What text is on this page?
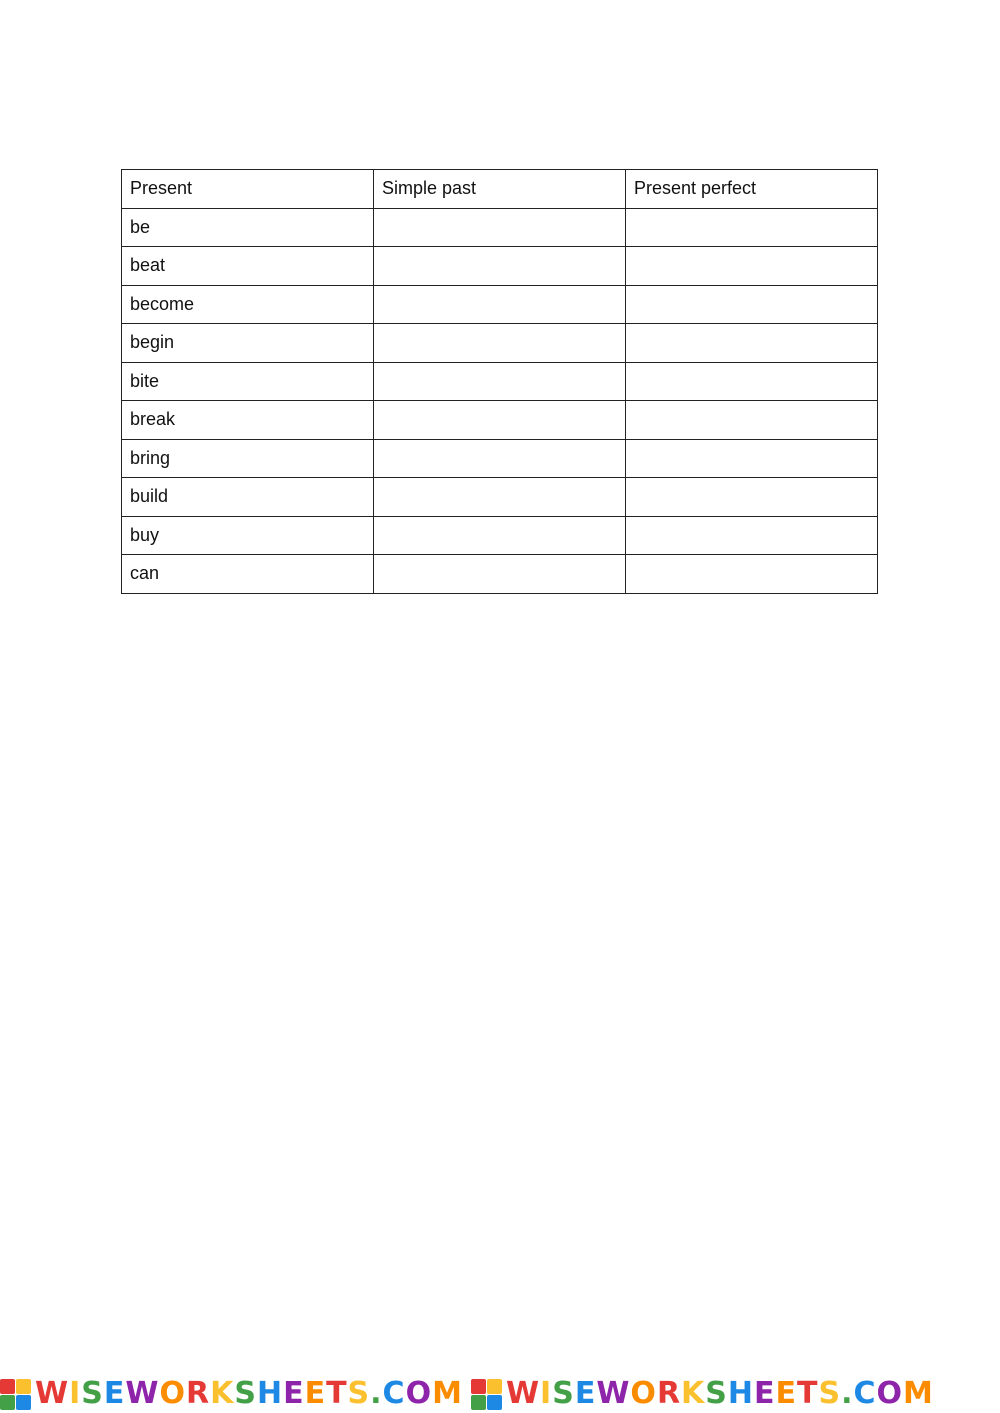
Present	Simple past	Present perfect
be		
beat		
become		
begin		
bite		
break		
bring		
build		
buy		
can		
WISEWORKSHEETS.COM WISEWORKSHEETS.COM
